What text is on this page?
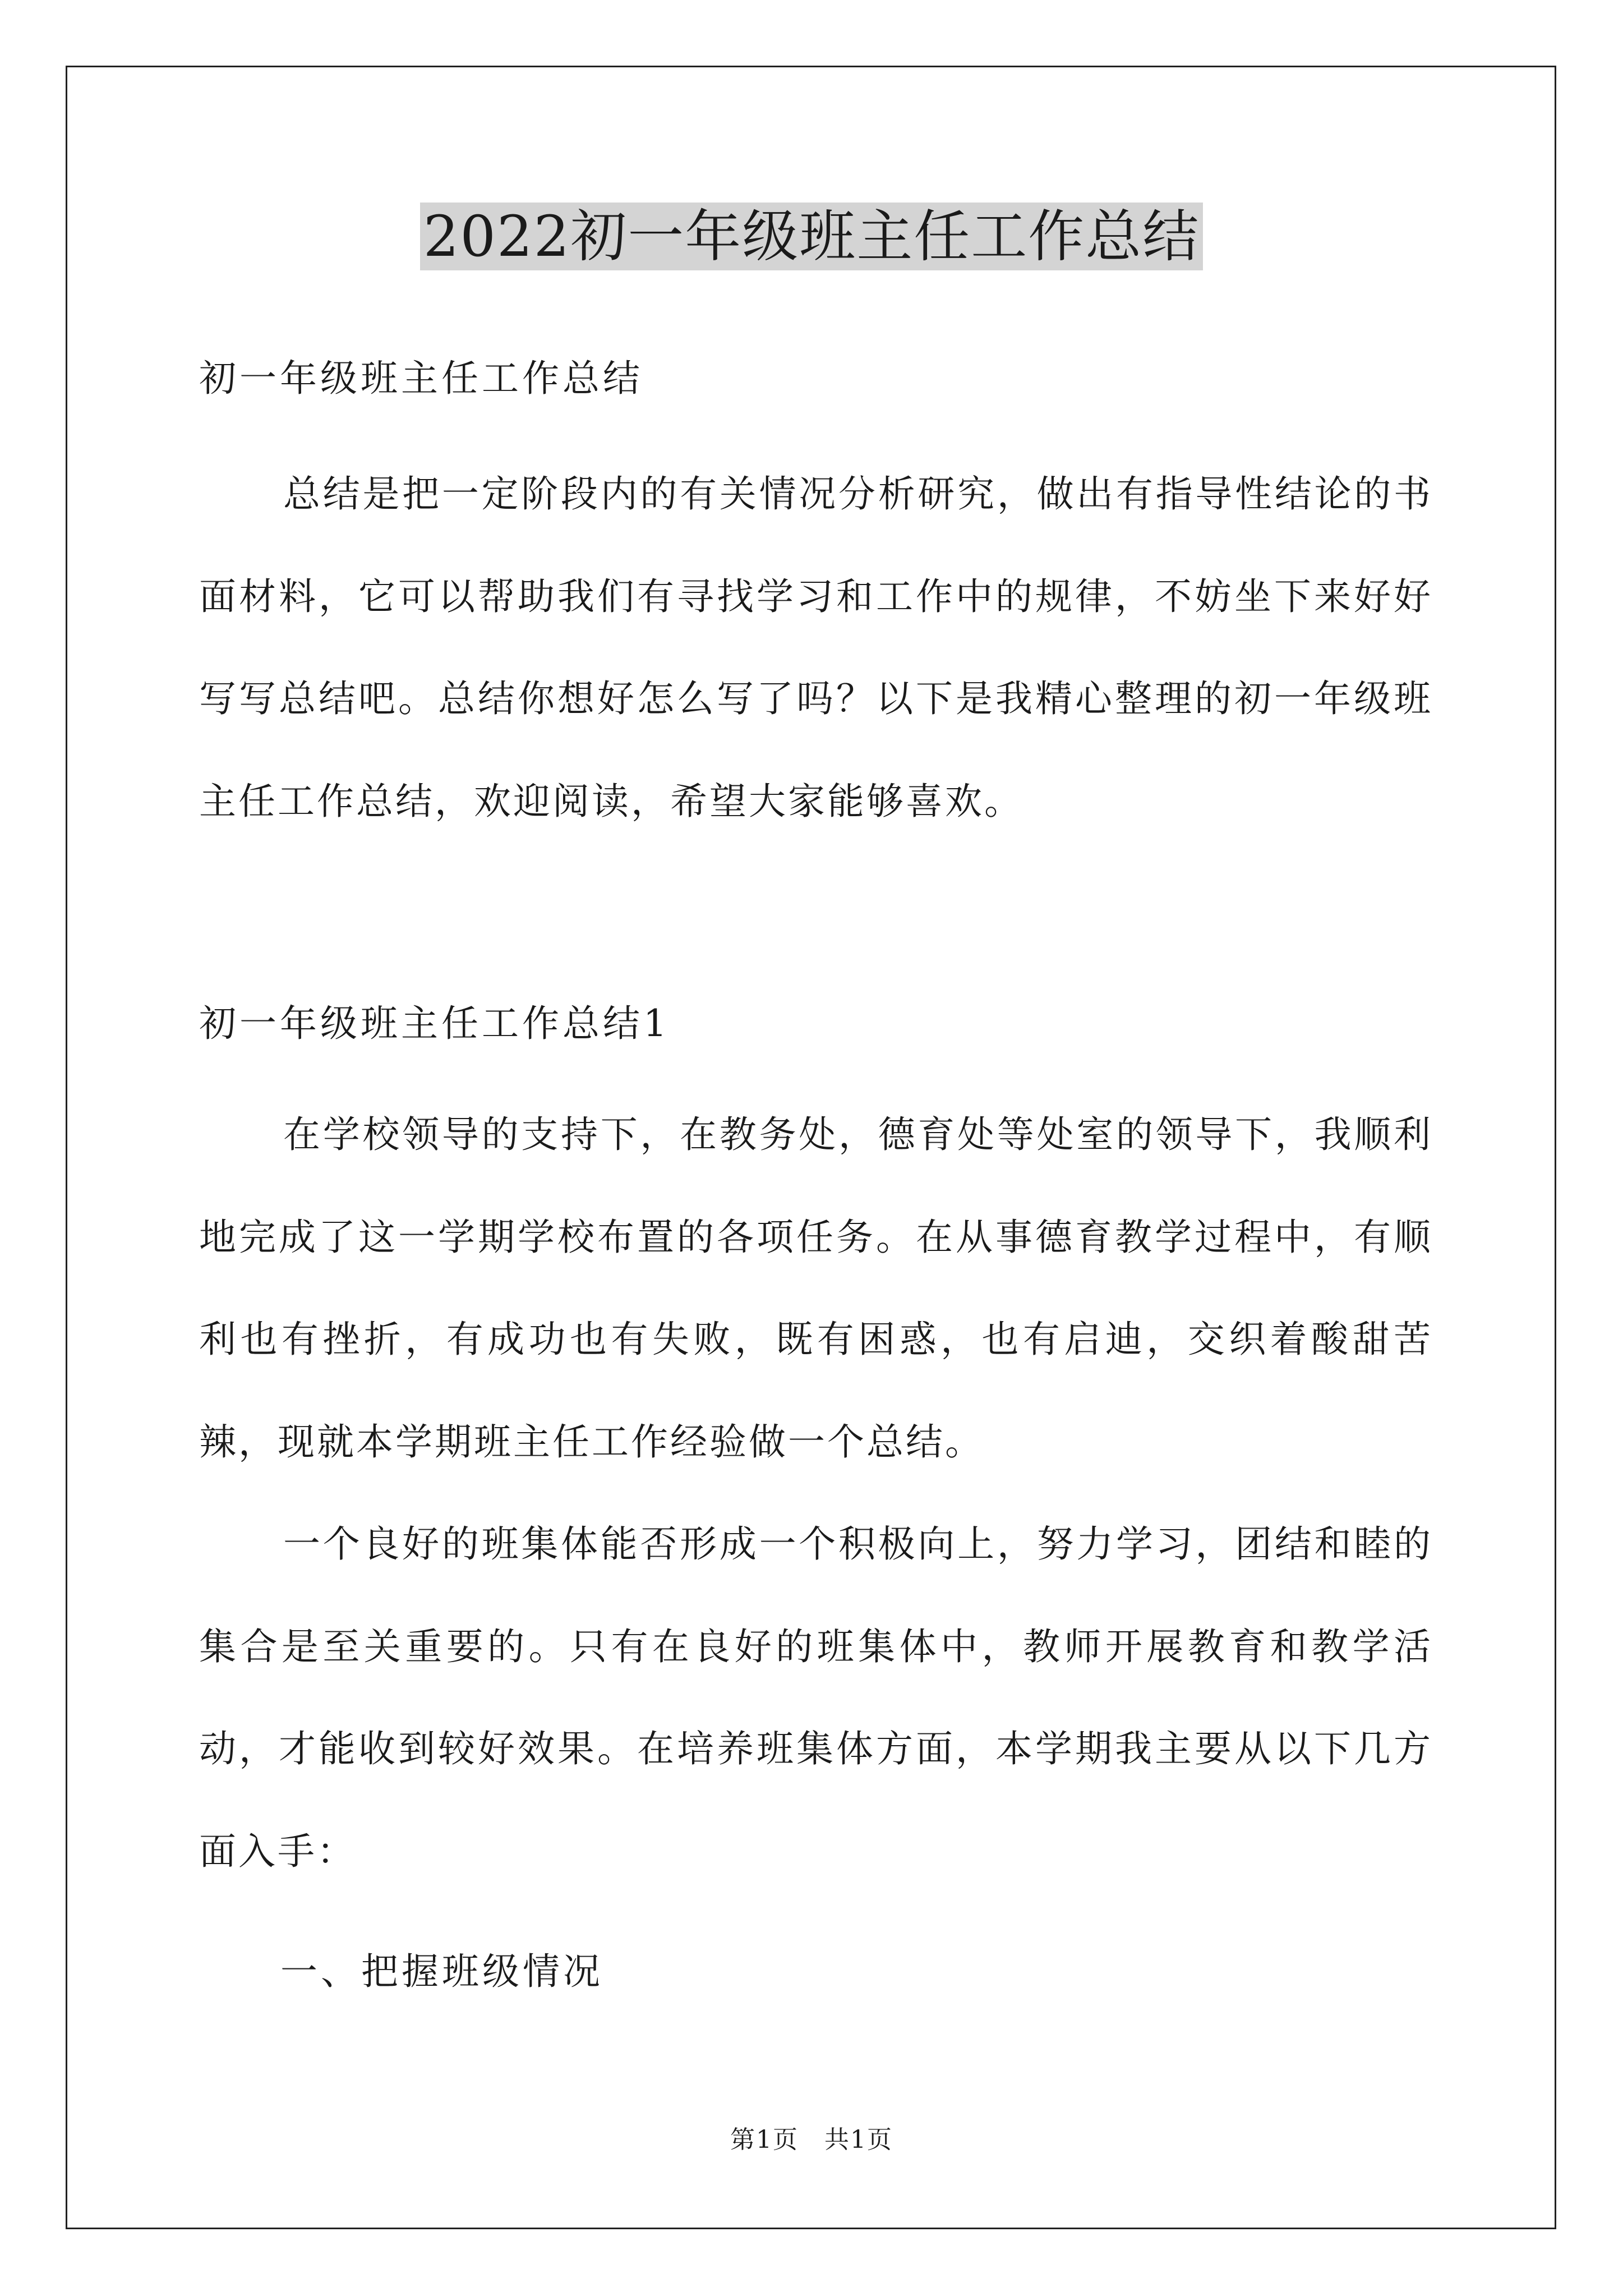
2022初一年级班主任工作总结
初一年级班主任工作总结

总结是把一定阶段内的有关情况分析研究，做出有指导性结论的书面材料，它可以帮助我们有寻找学习和工作中的规律，不妨坐下来好好写写总结吧。总结你想好怎么写了吗？以下是我精心整理的初一年级班主任工作总结，欢迎阅读，希望大家能够喜欢。

初一年级班主任工作总结1

在学校领导的支持下，在教务处，德育处等处室的领导下，我顺利地完成了这一学期学校布置的各项任务。在从事德育教学过程中，有顺利也有挫折，有成功也有失败，既有困惑，也有启迪，交织着酸甜苦辣，现就本学期班主任工作经验做一个总结。

一个良好的班集体能否形成一个积极向上，努力学习，团结和睦的集合是至关重要的。只有在良好的班集体中，教师开展教育和教学活动，才能收到较好效果。在培养班集体方面，本学期我主要从以下几方面入手：

一、把握班级情况
第1页　共1页
